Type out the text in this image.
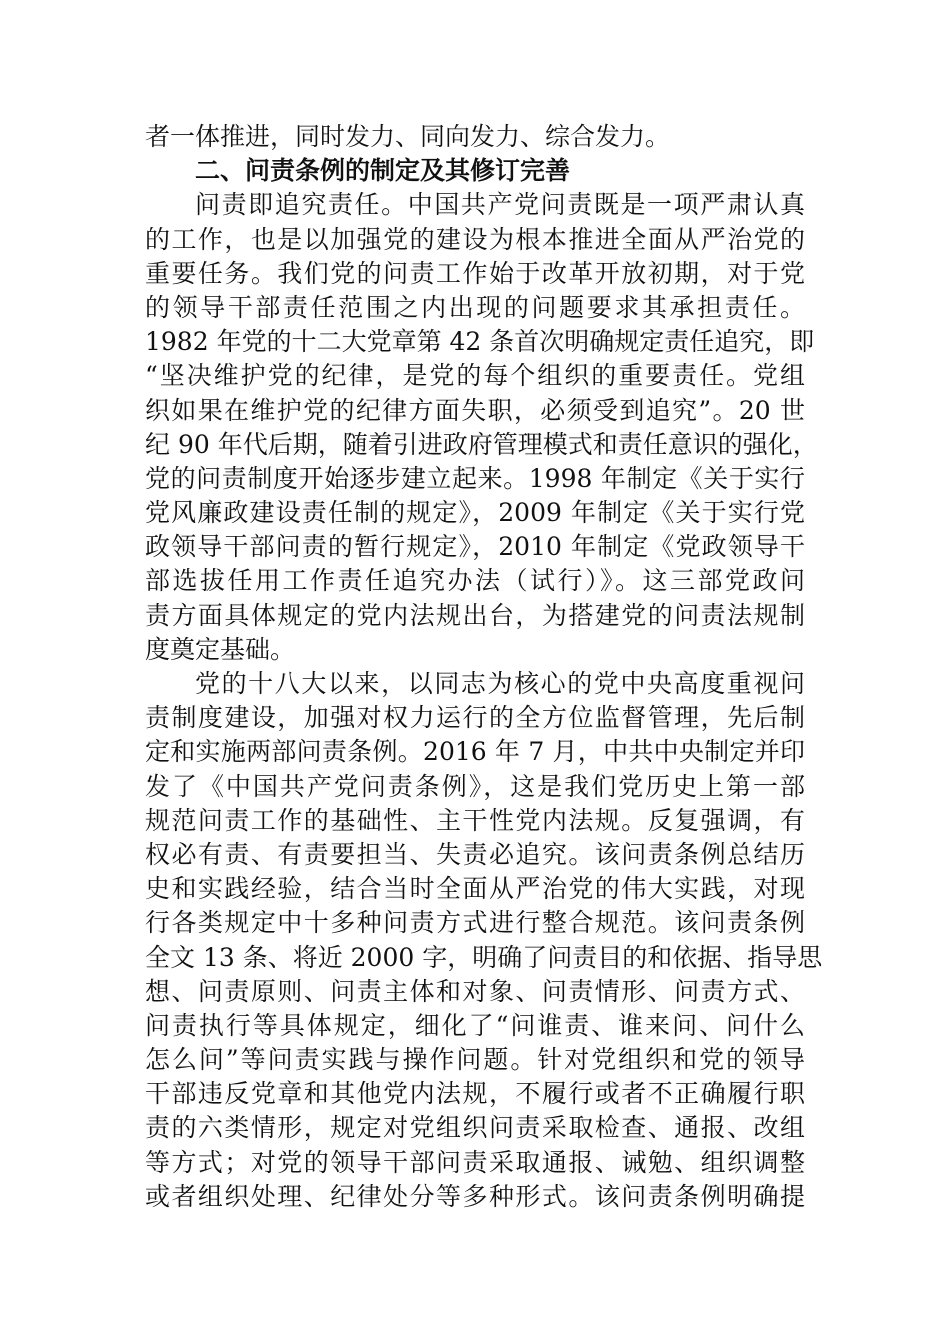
者一体推进，同时发力、同向发力、综合发力。
二、问责条例的制定及其修订完善
问责即追究责任。中国共产党问责既是一项严肃认真
的工作，也是以加强党的建设为根本推进全面从严治党的
重要任务。我们党的问责工作始于改革开放初期，对于党
的领导干部责任范围之内出现的问题要求其承担责任。
1982 年党的十二大党章第 42 条首次明确规定责任追究，即
“坚决维护党的纪律，是党的每个组织的重要责任。党组
织如果在维护党的纪律方面失职，必须受到追究”。20 世
纪 90 年代后期，随着引进政府管理模式和责任意识的强化，
党的问责制度开始逐步建立起来。1998 年制定《关于实行
党风廉政建设责任制的规定》，2009 年制定《关于实行党
政领导干部问责的暂行规定》，2010 年制定《党政领导干
部选拔任用工作责任追究办法（试行）》。这三部党政问
责方面具体规定的党内法规出台，为搭建党的问责法规制
度奠定基础。
党的十八大以来，以同志为核心的党中央高度重视问
责制度建设，加强对权力运行的全方位监督管理，先后制
定和实施两部问责条例。2016 年 7 月，中共中央制定并印
发了《中国共产党问责条例》，这是我们党历史上第一部
规范问责工作的基础性、主干性党内法规。反复强调，有
权必有责、有责要担当、失责必追究。该问责条例总结历
史和实践经验，结合当时全面从严治党的伟大实践，对现
行各类规定中十多种问责方式进行整合规范。该问责条例
全文 13 条、将近 2000 字，明确了问责目的和依据、指导思
想、问责原则、问责主体和对象、问责情形、问责方式、
问责执行等具体规定，细化了“问谁责、谁来问、问什么
怎么问”等问责实践与操作问题。针对党组织和党的领导
干部违反党章和其他党内法规，不履行或者不正确履行职
责的六类情形，规定对党组织问责采取检查、通报、改组
等方式；对党的领导干部问责采取通报、诫勉、组织调整
或者组织处理、纪律处分等多种形式。该问责条例明确提
